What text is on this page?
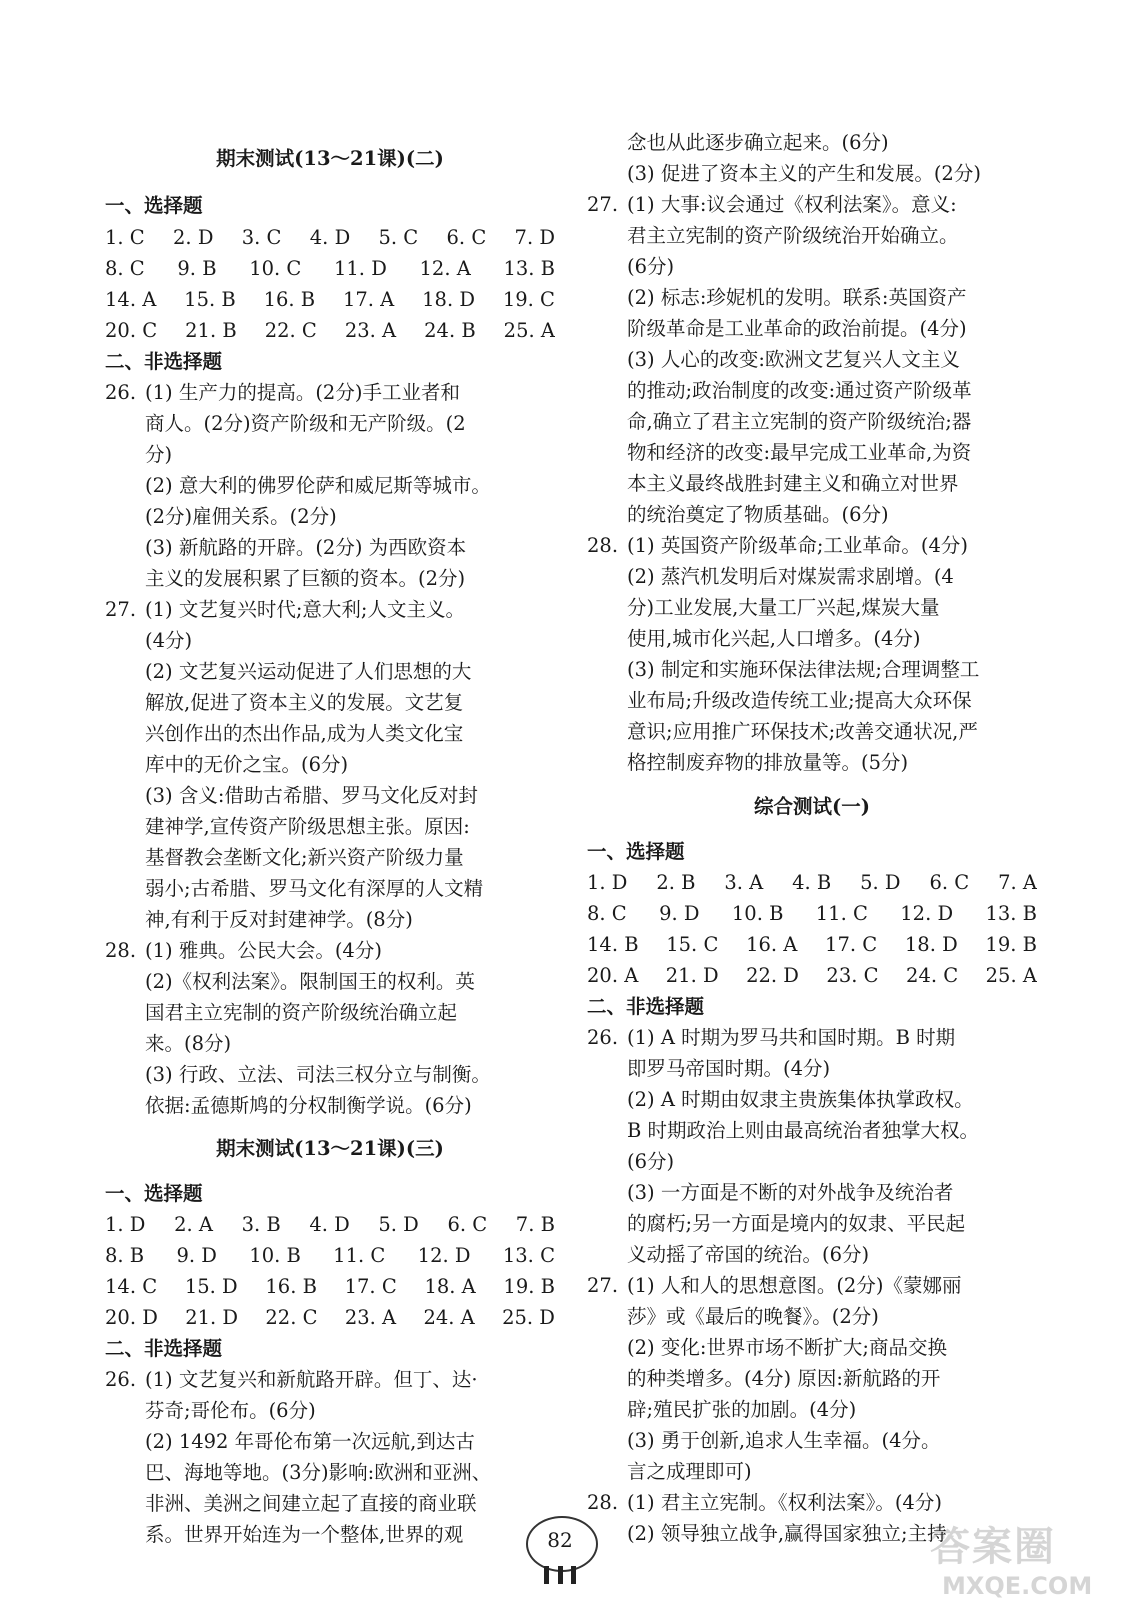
期末测试(13～21课)(二)
一、选择题
1. C 2. D 3. C 4. D 5. C 6. C 7. D
8. C 9. B 10. C 11. D 12. A 13. B
14. A 15. B 16. B 17. A 18. D 19. C
20. C 21. B 22. C 23. A 24. B 25. A
二、非选择题
26. (1) 生产力的提高。(2分)手工业者和
商人。(2分)资产阶级和无产阶级。(2
分)
(2) 意大利的佛罗伦萨和威尼斯等城市。
(2分)雇佣关系。(2分)
(3) 新航路的开辟。(2分) 为西欧资本
主义的发展积累了巨额的资本。(2分)
27. (1) 文艺复兴时代;意大利;人文主义。
(4分)
(2) 文艺复兴运动促进了人们思想的大
解放,促进了资本主义的发展。文艺复
兴创作出的杰出作品,成为人类文化宝
库中的无价之宝。(6分)
(3) 含义:借助古希腊、罗马文化反对封
建神学,宣传资产阶级思想主张。原因:
基督教会垄断文化;新兴资产阶级力量
弱小;古希腊、罗马文化有深厚的人文精
神,有利于反对封建神学。(8分)
28. (1) 雅典。公民大会。(4分)
(2)《权利法案》。限制国王的权利。英
国君主立宪制的资产阶级统治确立起
来。(8分)
(3) 行政、立法、司法三权分立与制衡。
依据:孟德斯鸠的分权制衡学说。(6分)
期末测试(13～21课)(三)
一、选择题
1. D 2. A 3. B 4. D 5. D 6. C 7. B
8. B 9. D 10. B 11. C 12. D 13. C
14. C 15. D 16. B 17. C 18. A 19. B
20. D 21. D 22. C 23. A 24. A 25. D
二、非选择题
26. (1) 文艺复兴和新航路开辟。但丁、达·
芬奇;哥伦布。(6分)
(2) 1492 年哥伦布第一次远航,到达古
巴、海地等地。(3分)影响:欧洲和亚洲、
非洲、美洲之间建立起了直接的商业联
系。世界开始连为一个整体,世界的观
念也从此逐步确立起来。(6分)
(3) 促进了资本主义的产生和发展。(2分)
27. (1) 大事:议会通过《权利法案》。意义:
君主立宪制的资产阶级统治开始确立。
(6分)
(2) 标志:珍妮机的发明。联系:英国资产
阶级革命是工业革命的政治前提。(4分)
(3) 人心的改变:欧洲文艺复兴人文主义
的推动;政治制度的改变:通过资产阶级革
命,确立了君主立宪制的资产阶级统治;器
物和经济的改变:最早完成工业革命,为资
本主义最终战胜封建主义和确立对世界
的统治奠定了物质基础。(6分)
28. (1) 英国资产阶级革命;工业革命。(4分)
(2) 蒸汽机发明后对煤炭需求剧增。(4
分)工业发展,大量工厂兴起,煤炭大量
使用,城市化兴起,人口增多。(4分)
(3) 制定和实施环保法律法规;合理调整工
业布局;升级改造传统工业;提高大众环保
意识;应用推广环保技术;改善交通状况,严
格控制废弃物的排放量等。(5分)
综合测试(一)
一、选择题
1. D 2. B 3. A 4. B 5. D 6. C 7. A
8. C 9. D 10. B 11. C 12. D 13. B
14. B 15. C 16. A 17. C 18. D 19. B
20. A 21. D 22. D 23. C 24. C 25. A
二、非选择题
26. (1) A 时期为罗马共和国时期。B 时期
即罗马帝国时期。(4分)
(2) A 时期由奴隶主贵族集体执掌政权。
B 时期政治上则由最高统治者独掌大权。
(6分)
(3) 一方面是不断的对外战争及统治者
的腐朽;另一方面是境内的奴隶、平民起
义动摇了帝国的统治。(6分)
27. (1) 人和人的思想意图。(2分)《蒙娜丽
莎》或《最后的晚餐》。(2分)
(2) 变化:世界市场不断扩大;商品交换
的种类增多。(4分) 原因:新航路的开
辟;殖民扩张的加剧。(4分)
(3) 勇于创新,追求人生幸福。(4分。
言之成理即可)
28. (1) 君主立宪制。《权利法案》。(4分)
(2) 领导独立战争,赢得国家独立;主持
82	答案圈
MXQE.COM
